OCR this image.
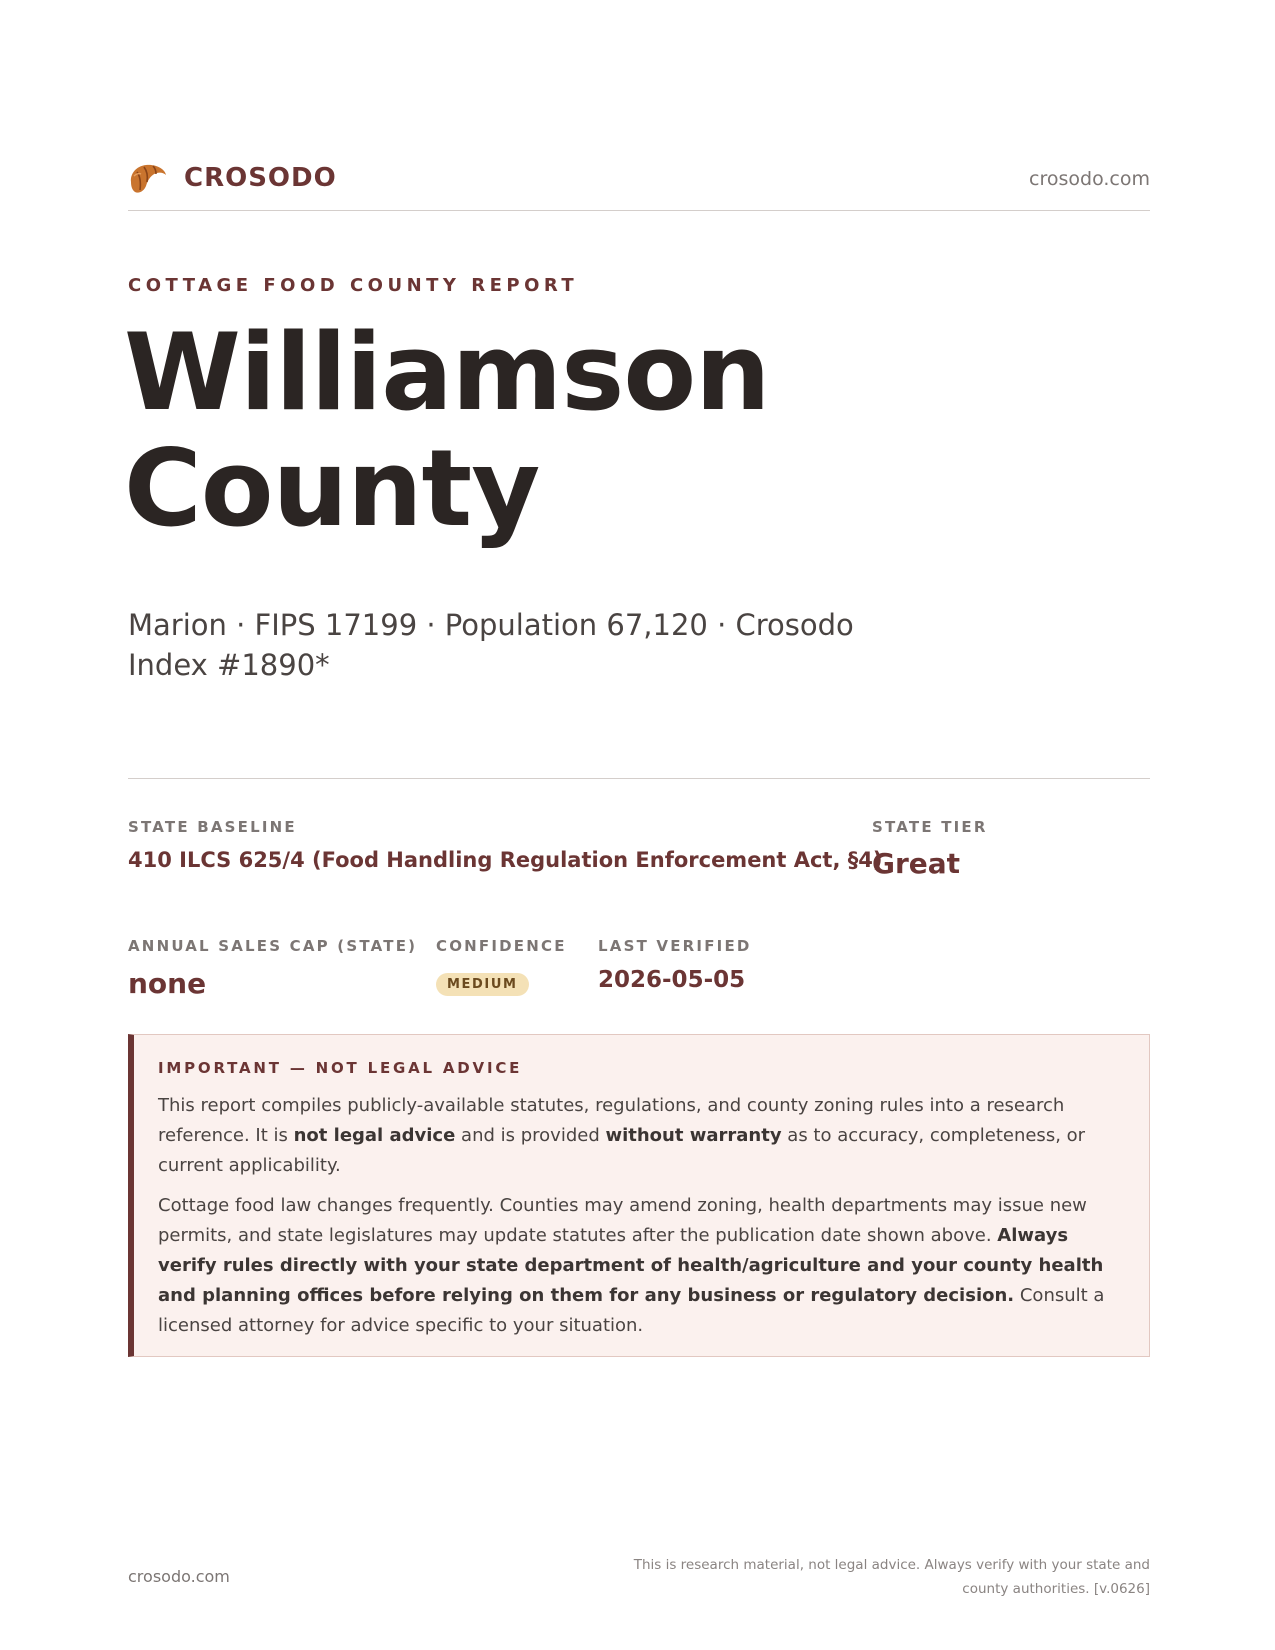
CROSODO	crosodo.com
COTTAGE FOOD COUNTY REPORT
Williamson
County
Marion · FIPS 17199 · Population 67,120 · Crosodo Index #1890*
STATE BASELINE
410 ILCS 625/4 (Food Handling Regulation Enforcement Act, §4)
STATE TIER
Great
ANNUAL SALES CAP (STATE)
none
CONFIDENCE
MEDIUM
LAST VERIFIED
2026-05-05
IMPORTANT — NOT LEGAL ADVICE

This report compiles publicly-available statutes, regulations, and county zoning rules into a research reference. It is not legal advice and is provided without warranty as to accuracy, completeness, or current applicability.

Cottage food law changes frequently. Counties may amend zoning, health departments may issue new permits, and state legislatures may update statutes after the publication date shown above. Always verify rules directly with your state department of health/agriculture and your county health and planning offices before relying on them for any business or regulatory decision. Consult a licensed attorney for advice specific to your situation.

crosodo.com
This is research material, not legal advice. Always verify with your state and county authorities. [v.0626]
